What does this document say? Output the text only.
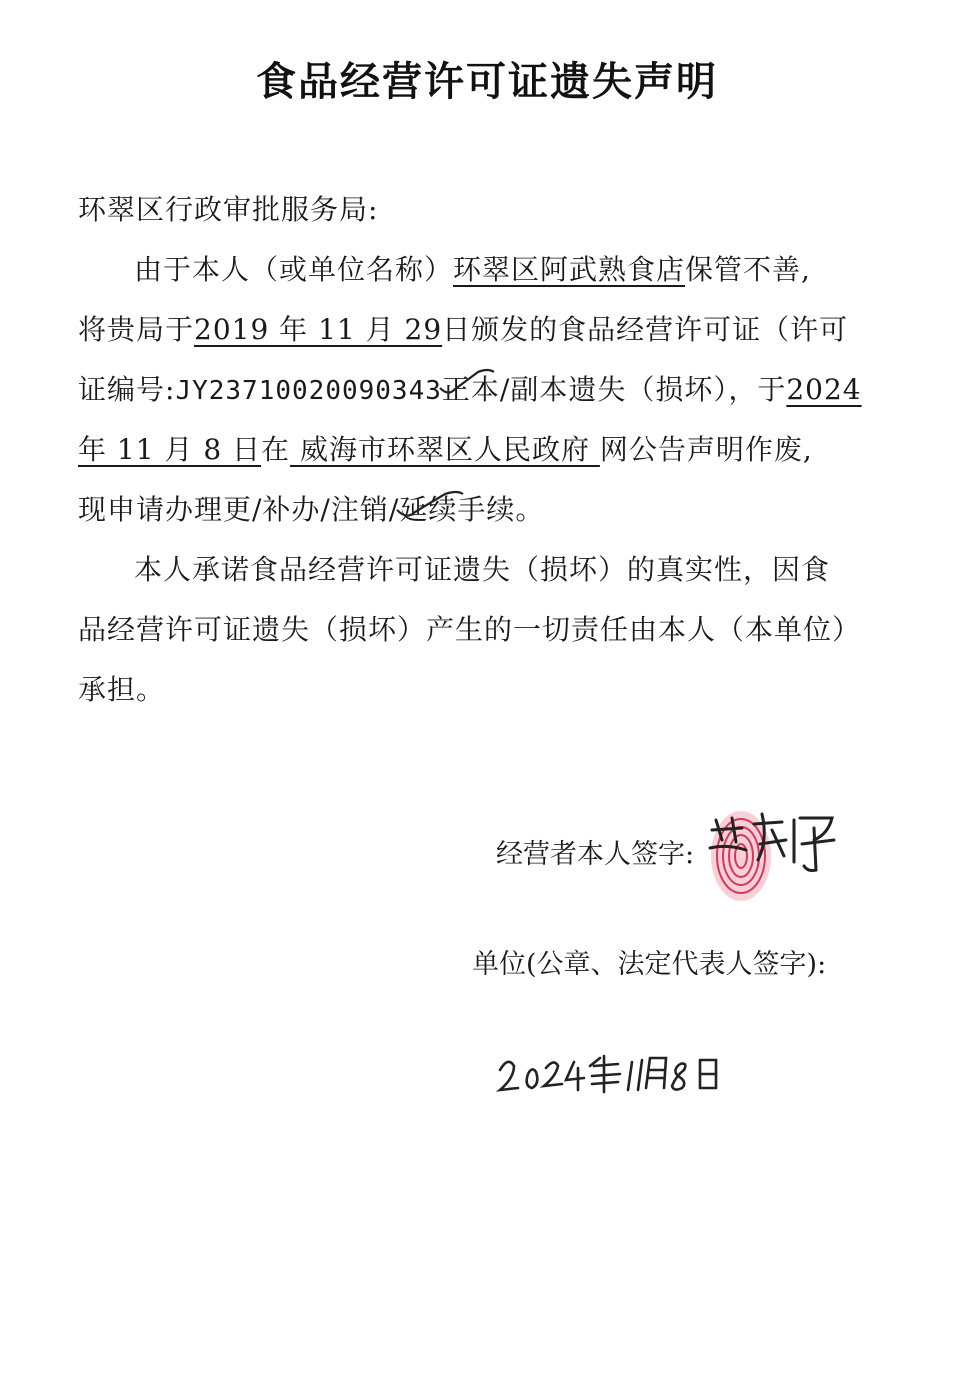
食品经营许可证遗失声明
环翠区行政审批服务局:
由于本人（或单位名称）环翠区阿武熟食店保管不善,
将贵局于2019 年 11 月 29日颁发的食品经营许可证（许可
证编号:JY23710020090343正本
/副本遗失（损坏），于2024
年 11 月 8 日在 威海市环翠区人民政府 网公告声明作废,
现申请办理更/补办/注销/延续
手续。
本人承诺食品经营许可证遗失（损坏）的真实性，因食
品经营许可证遗失（损坏）产生的一切责任由本人（本单位）
承担。
经营者本人签字:
单位(公章、法定代表人签字):
